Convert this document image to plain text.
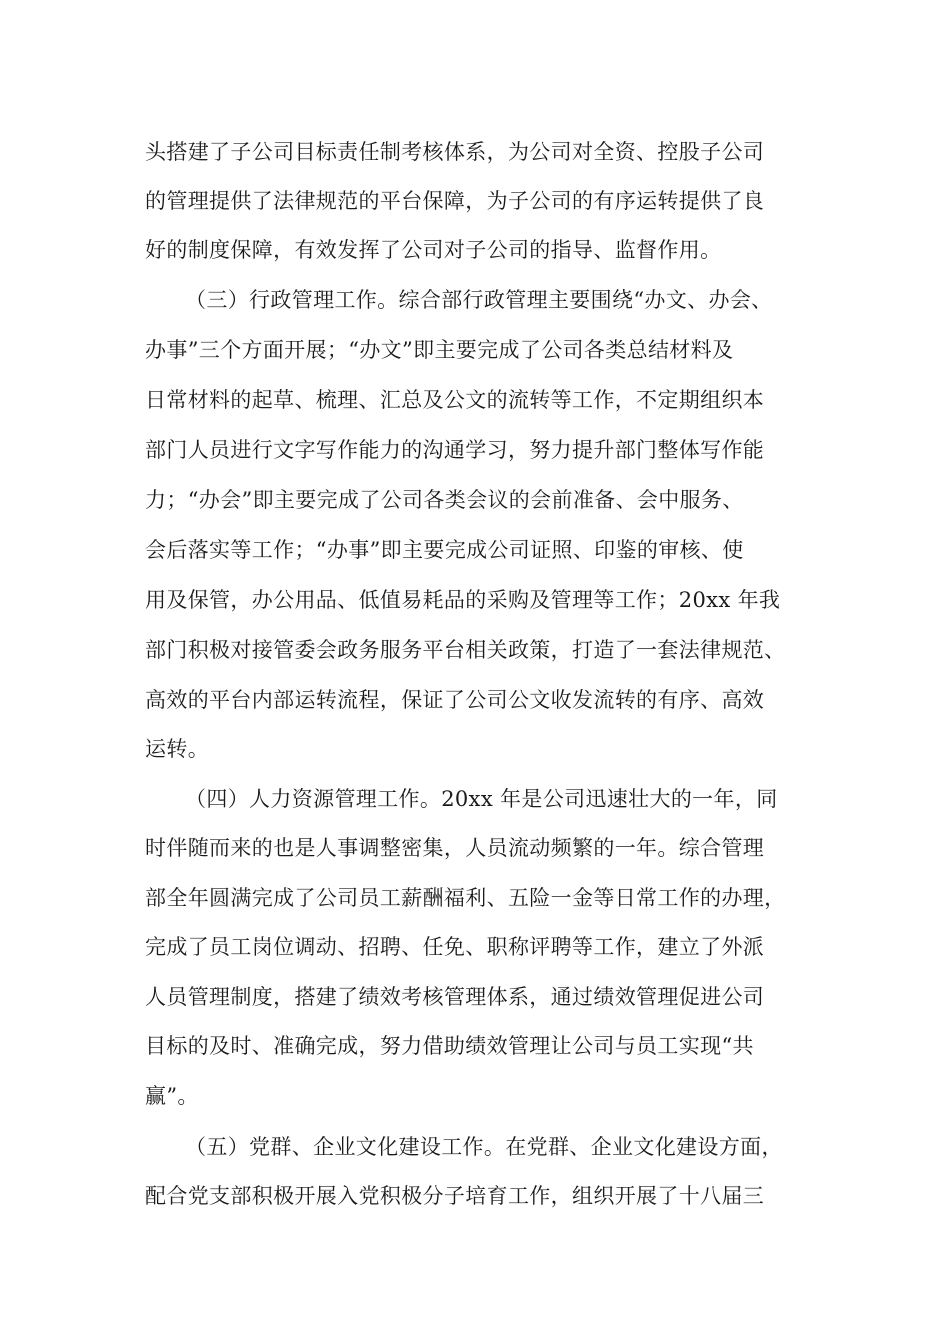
头搭建了子公司目标责任制考核体系，为公司对全资、控股子公司
的管理提供了法律规范的平台保障，为子公司的有序运转提供了良
好的制度保障，有效发挥了公司对子公司的指导、监督作用。
（三）行政管理工作。综合部行政管理主要围绕“办文、办会、
办事”三个方面开展；“办文”即主要完成了公司各类总结材料及
日常材料的起草、梳理、汇总及公文的流转等工作，不定期组织本
部门人员进行文字写作能力的沟通学习，努力提升部门整体写作能
力；“办会”即主要完成了公司各类会议的会前准备、会中服务、
会后落实等工作；“办事”即主要完成公司证照、印鉴的审核、使
用及保管，办公用品、低值易耗品的采购及管理等工作；20xx 年我
部门积极对接管委会政务服务平台相关政策，打造了一套法律规范、
高效的平台内部运转流程，保证了公司公文收发流转的有序、高效
运转。
（四）人力资源管理工作。20xx 年是公司迅速壮大的一年，同
时伴随而来的也是人事调整密集，人员流动频繁的一年。综合管理
部全年圆满完成了公司员工薪酬福利、五险一金等日常工作的办理，
完成了员工岗位调动、招聘、任免、职称评聘等工作，建立了外派
人员管理制度，搭建了绩效考核管理体系，通过绩效管理促进公司
目标的及时、准确完成，努力借助绩效管理让公司与员工实现“共
赢”。
（五）党群、企业文化建设工作。在党群、企业文化建设方面，
配合党支部积极开展入党积极分子培育工作，组织开展了十八届三
